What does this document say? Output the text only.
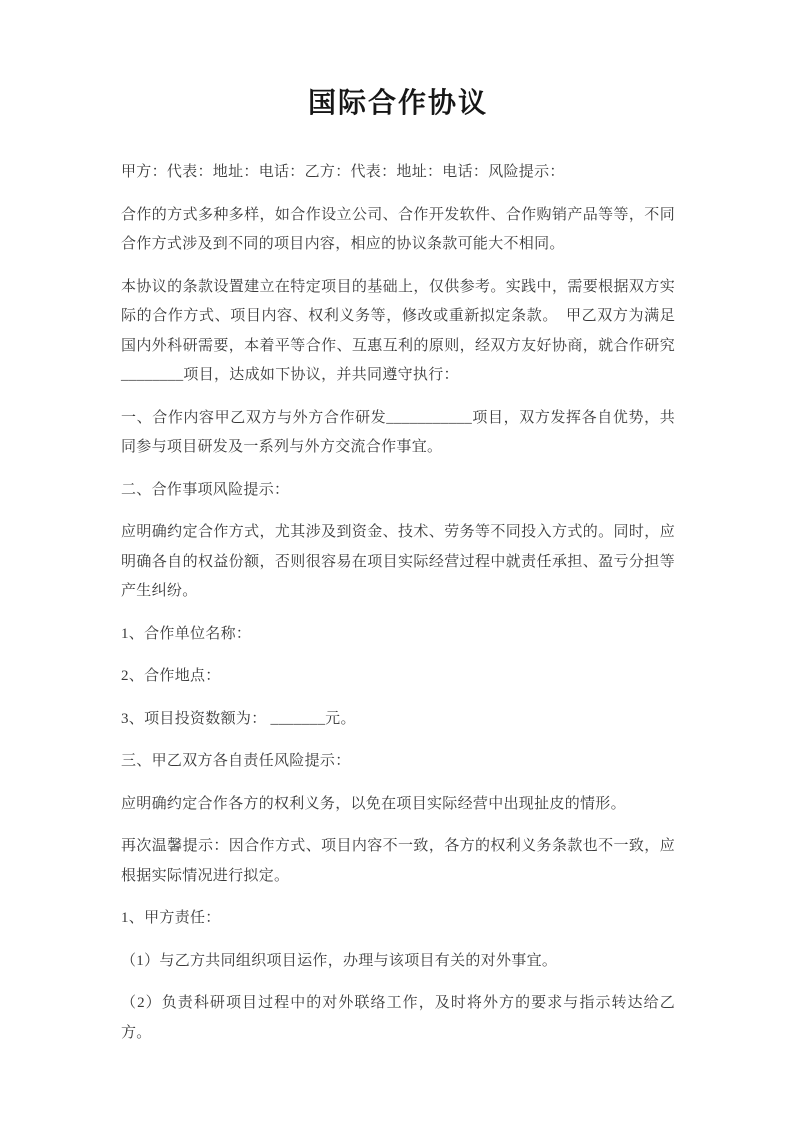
国际合作协议

甲方：代表：地址：电话：乙方：代表：地址：电话：风险提示：

合作的方式多种多样，如合作设立公司、合作开发软件、合作购销产品等等，不同合作方式涉及到不同的项目内容，相应的协议条款可能大不相同。

本协议的条款设置建立在特定项目的基础上，仅供参考。实践中，需要根据双方实际的合作方式、项目内容、权利义务等，修改或重新拟定条款。　甲乙双方为满足国内外科研需要，本着平等合作、互惠互利的原则，经双方友好协商，就合作研究________项目，达成如下协议，并共同遵守执行：

一、合作内容甲乙双方与外方合作研发___________项目，双方发挥各自优势，共同参与项目研发及一系列与外方交流合作事宜。

二、合作事项风险提示：

应明确约定合作方式，尤其涉及到资金、技术、劳务等不同投入方式的。同时，应明确各自的权益份额，否则很容易在项目实际经营过程中就责任承担、盈亏分担等产生纠纷。

1、合作单位名称：

2、合作地点：

3、项目投资数额为： _______元。

三、甲乙双方各自责任风险提示：

应明确约定合作各方的权利义务，以免在项目实际经营中出现扯皮的情形。

再次温馨提示：因合作方式、项目内容不一致，各方的权利义务条款也不一致，应根据实际情况进行拟定。

1、甲方责任：

（1）与乙方共同组织项目运作，办理与该项目有关的对外事宜。

（2）负责科研项目过程中的对外联络工作，及时将外方的要求与指示转达给乙方。
